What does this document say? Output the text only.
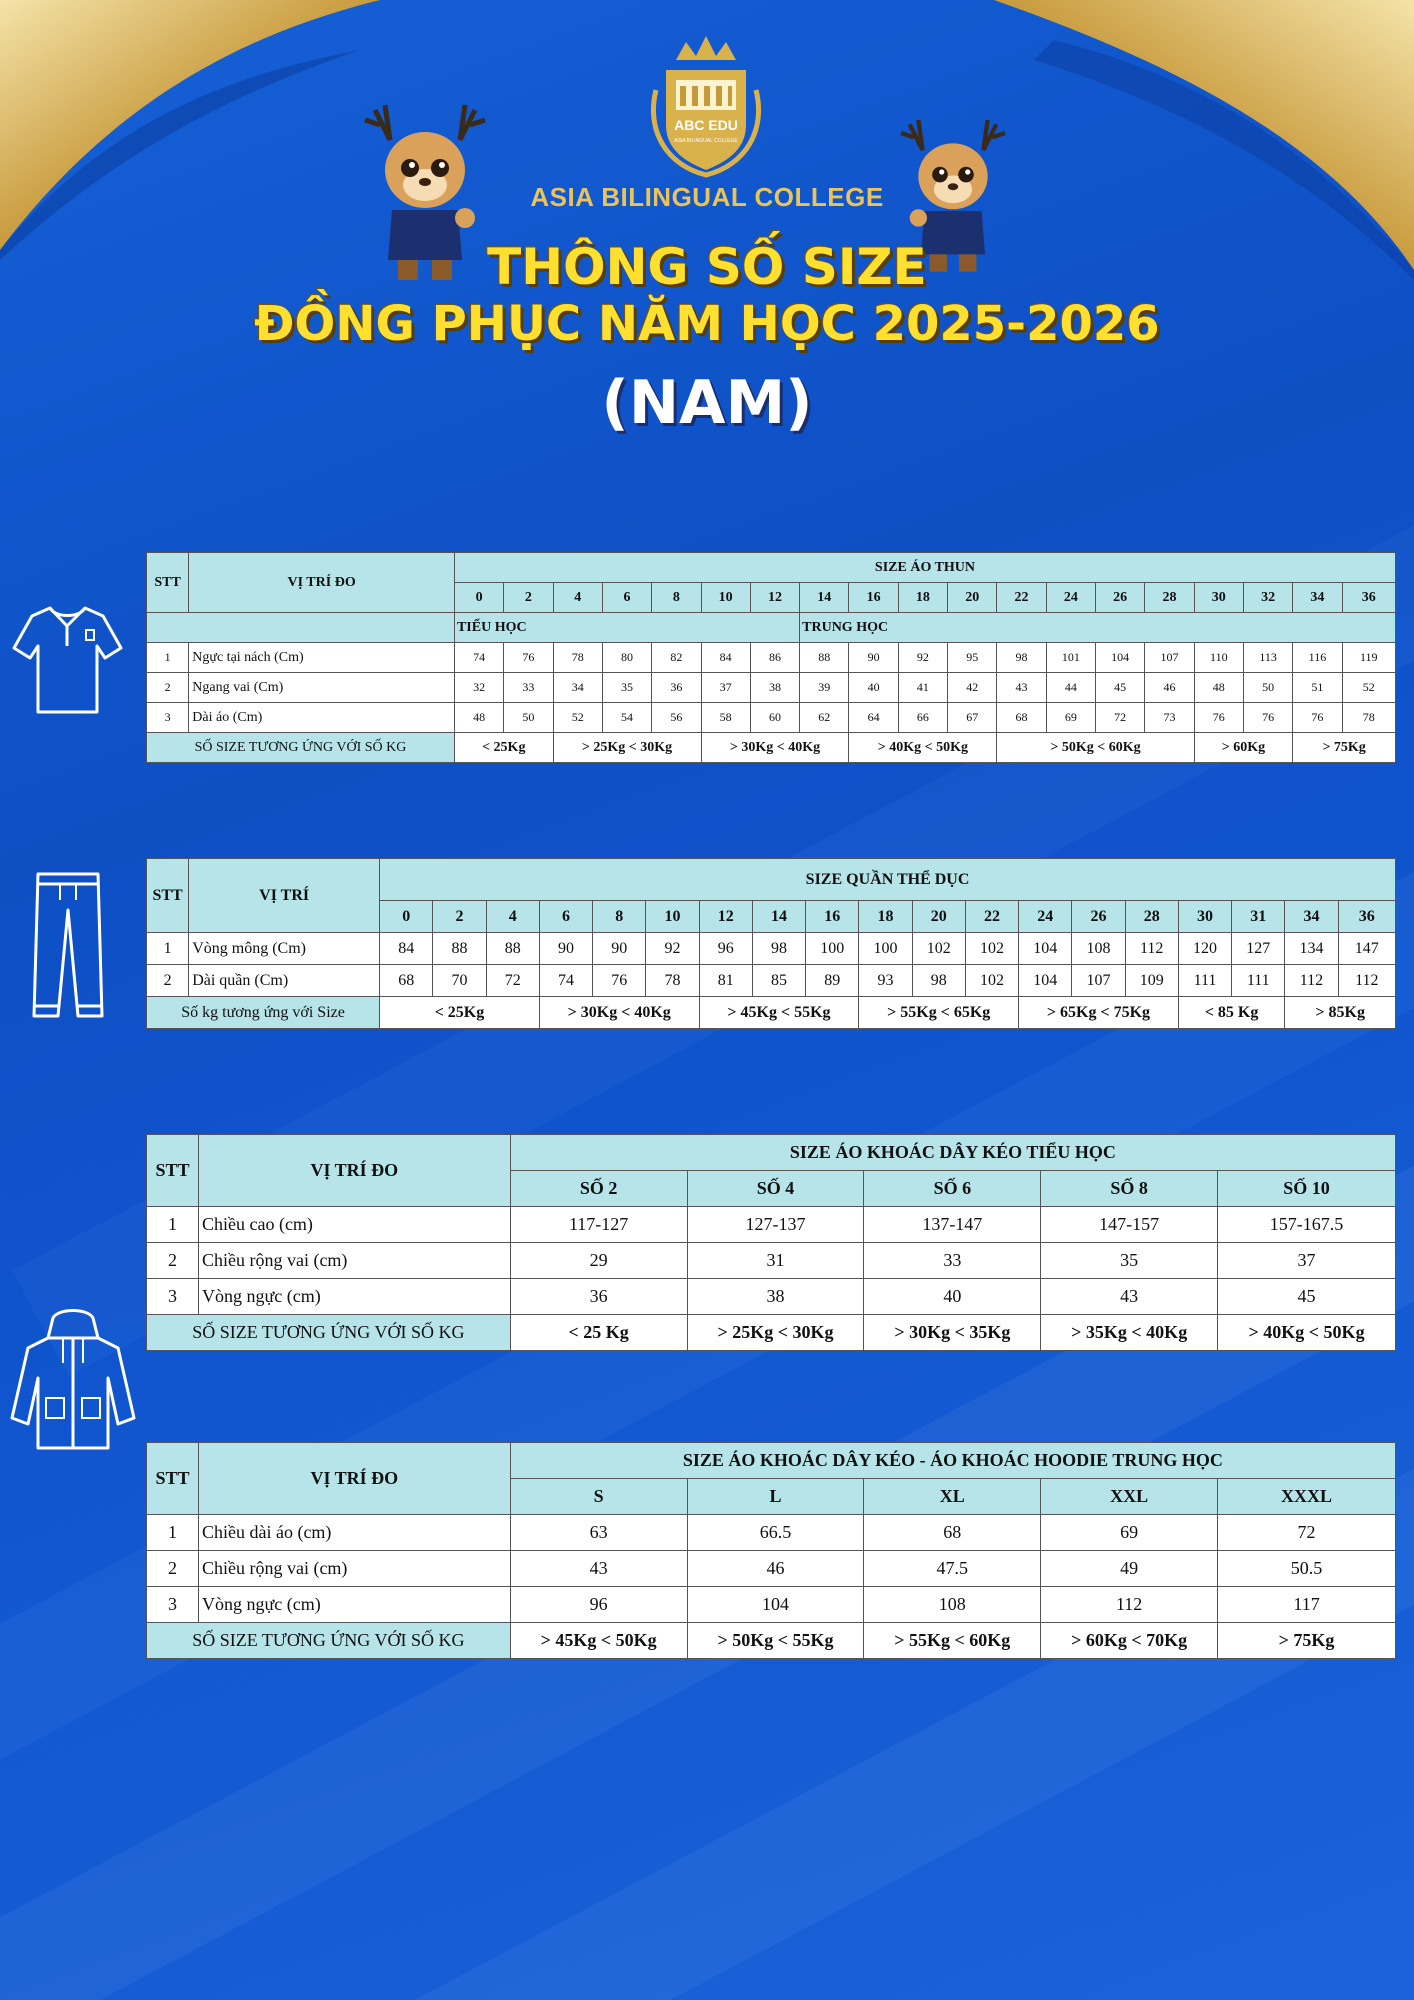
ABC EDU
ASIA BILINGUAL COLLEGE
ASIA BILINGUAL COLLEGE
THÔNG SỐ SIZE
ĐỒNG PHỤC NĂM HỌC 2025-2026
(NAM)
STT	VỊ TRÍ ĐO	SIZE ÁO THUN																		
		0	2	4	6	8	10	12	14	16	18	20	22	24	26	28	30	32	34	36
		TIỂU HỌC							TRUNG HỌC											
1	Ngực tại nách (Cm)	74	76	78	80	82	84	86	88	90	92	95	98	101	104	107	110	113	116	119
2	Ngang vai (Cm)	32	33	34	35	36	37	38	39	40	41	42	43	44	45	46	48	50	51	52
3	Dài áo (Cm)	48	50	52	54	56	58	60	62	64	66	67	68	69	72	73	76	76	76	78
SỐ SIZE TƯƠNG ỨNG VỚI SỐ KG		< 25Kg		> 25Kg < 30Kg			> 30Kg < 40Kg			> 40Kg < 50Kg			> 50Kg < 60Kg				> 60Kg		> 75Kg	
STT	VỊ TRÍ	SIZE QUẦN THỂ DỤC																		
		0	2	4	6	8	10	12	14	16	18	20	22	24	26	28	30	31	34	36
1	Vòng mông (Cm)	84	88	88	90	90	92	96	98	100	100	102	102	104	108	112	120	127	134	147
2	Dài quần (Cm)	68	70	72	74	76	78	81	85	89	93	98	102	104	107	109	111	111	112	112
Số kg tương ứng với Size		< 25Kg			> 30Kg < 40Kg			> 45Kg < 55Kg			> 55Kg < 65Kg			> 65Kg < 75Kg			< 85 Kg		> 85Kg	
STT	VỊ TRÍ ĐO	SIZE ÁO KHOÁC DÂY KÉO TIỂU HỌC				
		SỐ 2	SỐ 4	SỐ 6	SỐ 8	SỐ 10
1	Chiều cao (cm)	117-127	127-137	137-147	147-157	157-167.5
2	Chiều rộng vai (cm)	29	31	33	35	37
3	Vòng ngực (cm)	36	38	40	43	45
SỐ SIZE TƯƠNG ỨNG VỚI SỐ KG		< 25 Kg	> 25Kg < 30Kg	> 30Kg < 35Kg	> 35Kg < 40Kg	> 40Kg < 50Kg
STT	VỊ TRÍ ĐO	SIZE ÁO KHOÁC DÂY KÉO - ÁO KHOÁC HOODIE TRUNG HỌC				
		S	L	XL	XXL	XXXL
1	Chiều dài áo (cm)	63	66.5	68	69	72
2	Chiều rộng vai (cm)	43	46	47.5	49	50.5
3	Vòng ngực (cm)	96	104	108	112	117
SỐ SIZE TƯƠNG ỨNG VỚI SỐ KG		> 45Kg < 50Kg	> 50Kg < 55Kg	> 55Kg < 60Kg	> 60Kg < 70Kg	> 75Kg
